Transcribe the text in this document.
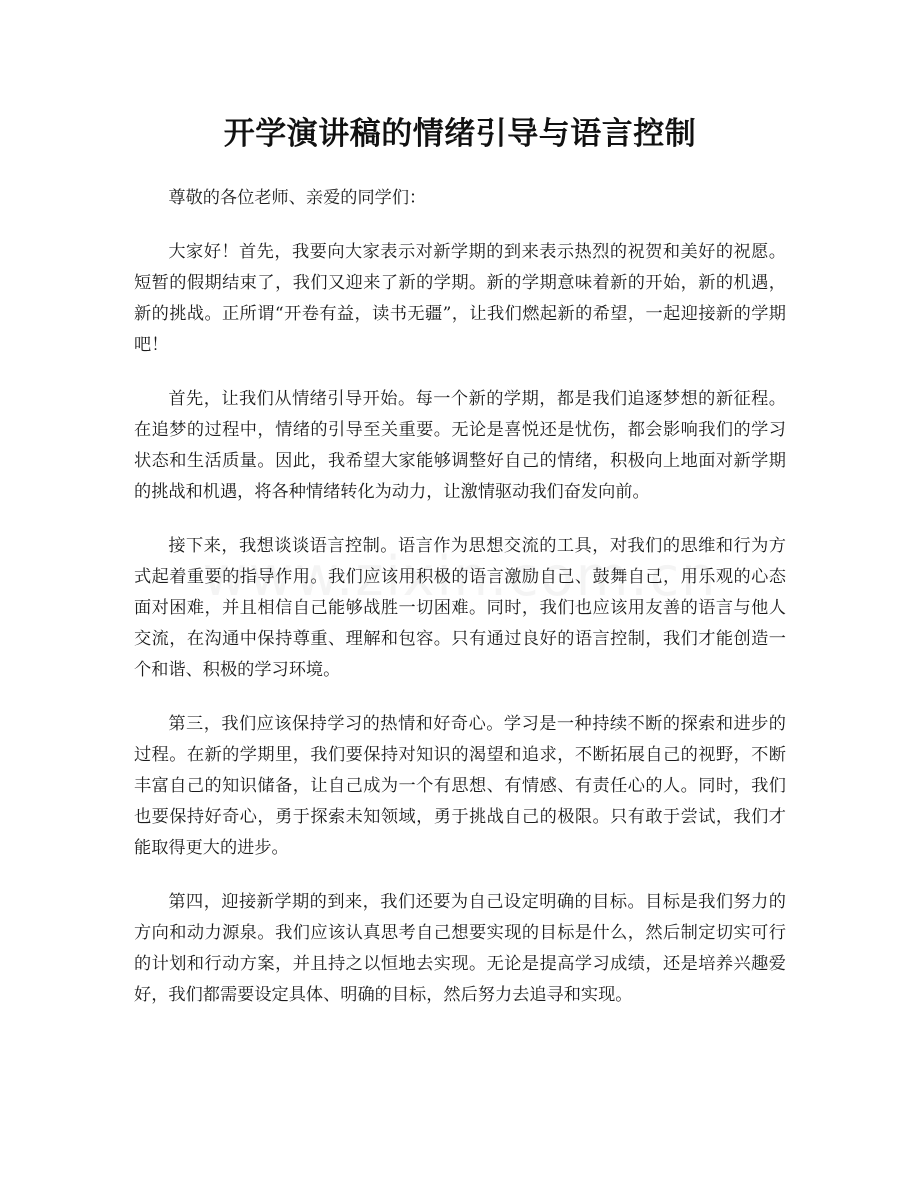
开学演讲稿的情绪引导与语言控制

尊敬的各位老师、亲爱的同学们：

大家好！首先，我要向大家表示对新学期的到来表示热烈的祝贺和美好的祝愿。短暂的假期结束了，我们又迎来了新的学期。新的学期意味着新的开始，新的机遇，新的挑战。正所谓“开卷有益，读书无疆”，让我们燃起新的希望，一起迎接新的学期吧！

首先，让我们从情绪引导开始。每一个新的学期，都是我们追逐梦想的新征程。在追梦的过程中，情绪的引导至关重要。无论是喜悦还是忧伤，都会影响我们的学习状态和生活质量。因此，我希望大家能够调整好自己的情绪，积极向上地面对新学期的挑战和机遇，将各种情绪转化为动力，让激情驱动我们奋发向前。

接下来，我想谈谈语言控制。语言作为思想交流的工具，对我们的思维和行为方式起着重要的指导作用。我们应该用积极的语言激励自己、鼓舞自己，用乐观的心态面对困难，并且相信自己能够战胜一切困难。同时，我们也应该用友善的语言与他人交流，在沟通中保持尊重、理解和包容。只有通过良好的语言控制，我们才能创造一个和谐、积极的学习环境。

第三，我们应该保持学习的热情和好奇心。学习是一种持续不断的探索和进步的过程。在新的学期里，我们要保持对知识的渴望和追求，不断拓展自己的视野，不断丰富自己的知识储备，让自己成为一个有思想、有情感、有责任心的人。同时，我们也要保持好奇心，勇于探索未知领域，勇于挑战自己的极限。只有敢于尝试，我们才能取得更大的进步。

第四，迎接新学期的到来，我们还要为自己设定明确的目标。目标是我们努力的方向和动力源泉。我们应该认真思考自己想要实现的目标是什么，然后制定切实可行的计划和行动方案，并且持之以恒地去实现。无论是提高学习成绩，还是培养兴趣爱好，我们都需要设定具体、明确的目标，然后努力去追寻和实现。
